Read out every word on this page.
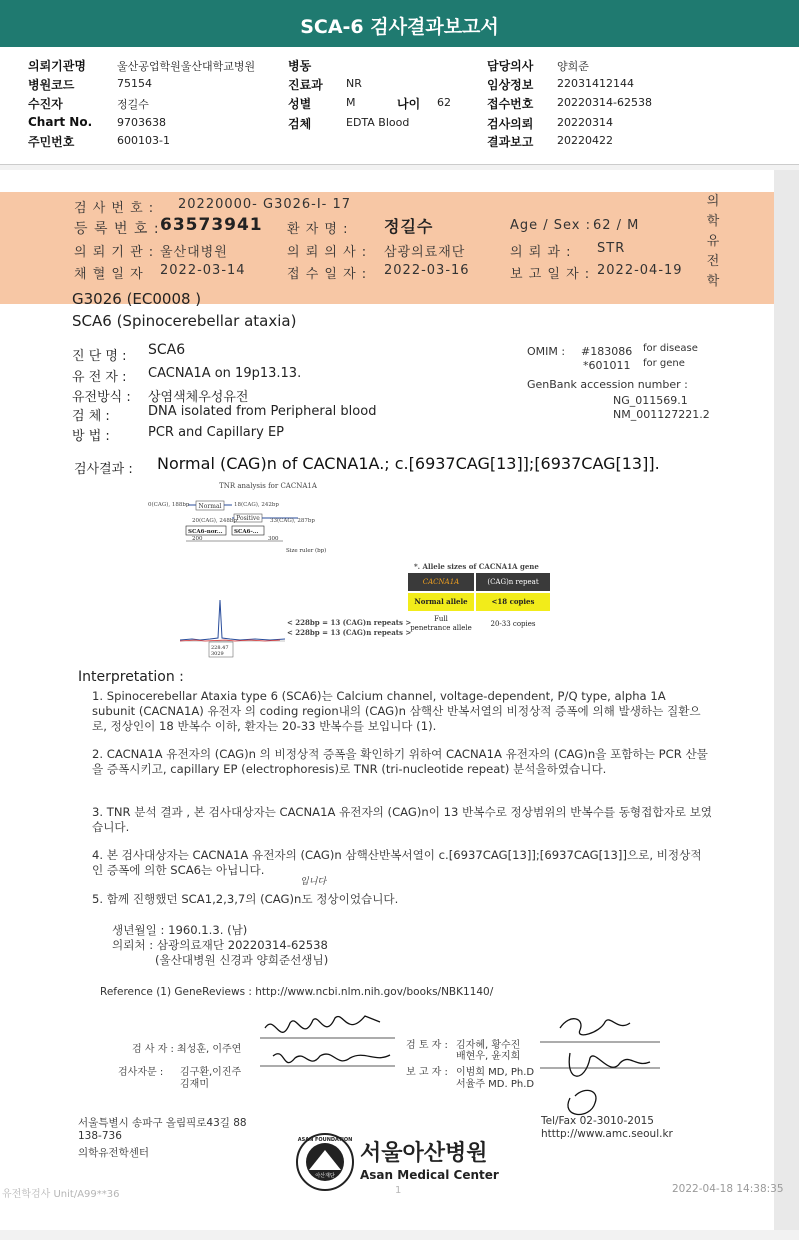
SCA-6 검사결과보고서
의뢰기관명	울산공업학원울산대학교병원	병동	담당의사 양희준
병원코드	75154	진료과 NR	임상정보 22031412144
수진자	정길수	성별	M	나이 62	접수번호 20220314-62538
Chart No. 9703638	검체	EDTA Blood	검사의뢰 20220314
주민번호	600103-1	결과보고 20220422
검 사 번 호 : 20220000- G3026-I- 17
등 록 번 호 : 63573941 환 자 명 : 정길수	Age / Sex : 62 / M
의 뢰 기 관 : 울산대병원	의 뢰 의 사 : 삼광의료재단	의 뢰 과 : STR
채 혈 일 자 2022-03-14	접 수 일 자 : 2022-03-16	보 고 일 자 : 2022-04-19
의학유전학
G3026 (EC0008 )
SCA6 (Spinocerebellar ataxia)
진 단 명 : SCA6
유 전 자 : CACNA1A on 19p13.13.
유전방식 : 상염색체우성유전
검 체 :	DNA isolated from Peripheral blood
방 법 :	PCR and Capillary EP
OMIM : #183086 for disease
*601011 for gene
GenBank accession number :
NG_011569.1
NM_001127221.2
검사결과 : Normal (CAG)n of CACNA1A.; c.[6937CAG[13]];[6937CAG[13]].
TNR analysis for CACNA1A
Normal
Positive
0(CAG), 188bp	18(CAG), 242bp
20(CAG), 248bp	33(CAG), 287bp
SCA6-nor... SCA6-...
200	300
Size ruler (bp)
228.47
3029
< 228bp = 13 (CAG)n repeats >
< 228bp = 13 (CAG)n repeats >
*. Allele sizes of CACNA1A gene
CACNA1A	(CAG)n repeat
Normal allele	<18 copies
Full
penetrance allele	20-33 copies
Interpretation :
1. Spinocerebellar Ataxia type 6 (SCA6)는 Calcium channel, voltage-dependent, P/Q type, alpha 1A subunit (CACNA1A) 유전자 의 coding region내의 (CAG)n 삼핵산 반복서열의 비정상적 증폭에 의해 발생하는 질환으로, 정상인이 18 반복수 이하, 환자는 20-33 반복수를 보입니다 (1).
2. CACNA1A 유전자의 (CAG)n 의 비정상적 증폭을 확인하기 위하여 CACNA1A 유전자의 (CAG)n을 포함하는 PCR 산물을 증폭시키고, capillary EP (electrophoresis)로 TNR (tri-nucleotide repeat) 분석을하였습니다.
3. TNR 분석 결과 , 본 검사대상자는 CACNA1A 유전자의 (CAG)n이 13 반복수로 정상범위의 반복수를 동형접합자로 보였습니다.
4. 본 검사대상자는 CACNA1A 유전자의 (CAG)n 삼핵산반복서열이 c.[6937CAG[13]];[6937CAG[13]]으로, 비정상적인 증폭에 의한 SCA6는 아닙니다.
입니다
5. 함께 진행했던 SCA1,2,3,7의 (CAG)n도 정상이었습니다.
생년월일 : 1960.1.3. (남)
의뢰처 : 삼광의료재단 20220314-62538
(울산대병원 신경과 양희준선생님)
Reference (1) GeneReviews : http://www.ncbi.nlm.nih.gov/books/NBK1140/
검 사 자 : 최성훈, 이주연
검사자문 : 김구환,이진주
김재미
검 토 자 : 김자혜, 황수진
배현우, 윤지희
보 고 자 : 이범희 MD, Ph.D
서율주 MD. Ph.D
서울특별시 송파구 올림픽로43길 88
138-736
의학유전학센터
Tel/Fax 02-3010-2015
htttp://www.amc.seoul.kr
ASAN FOUNDATION
아산재단
서울아산병원
Asan Medical Center
유전학검사 Unit/A99**36	1	2022-04-18 14:38:35
